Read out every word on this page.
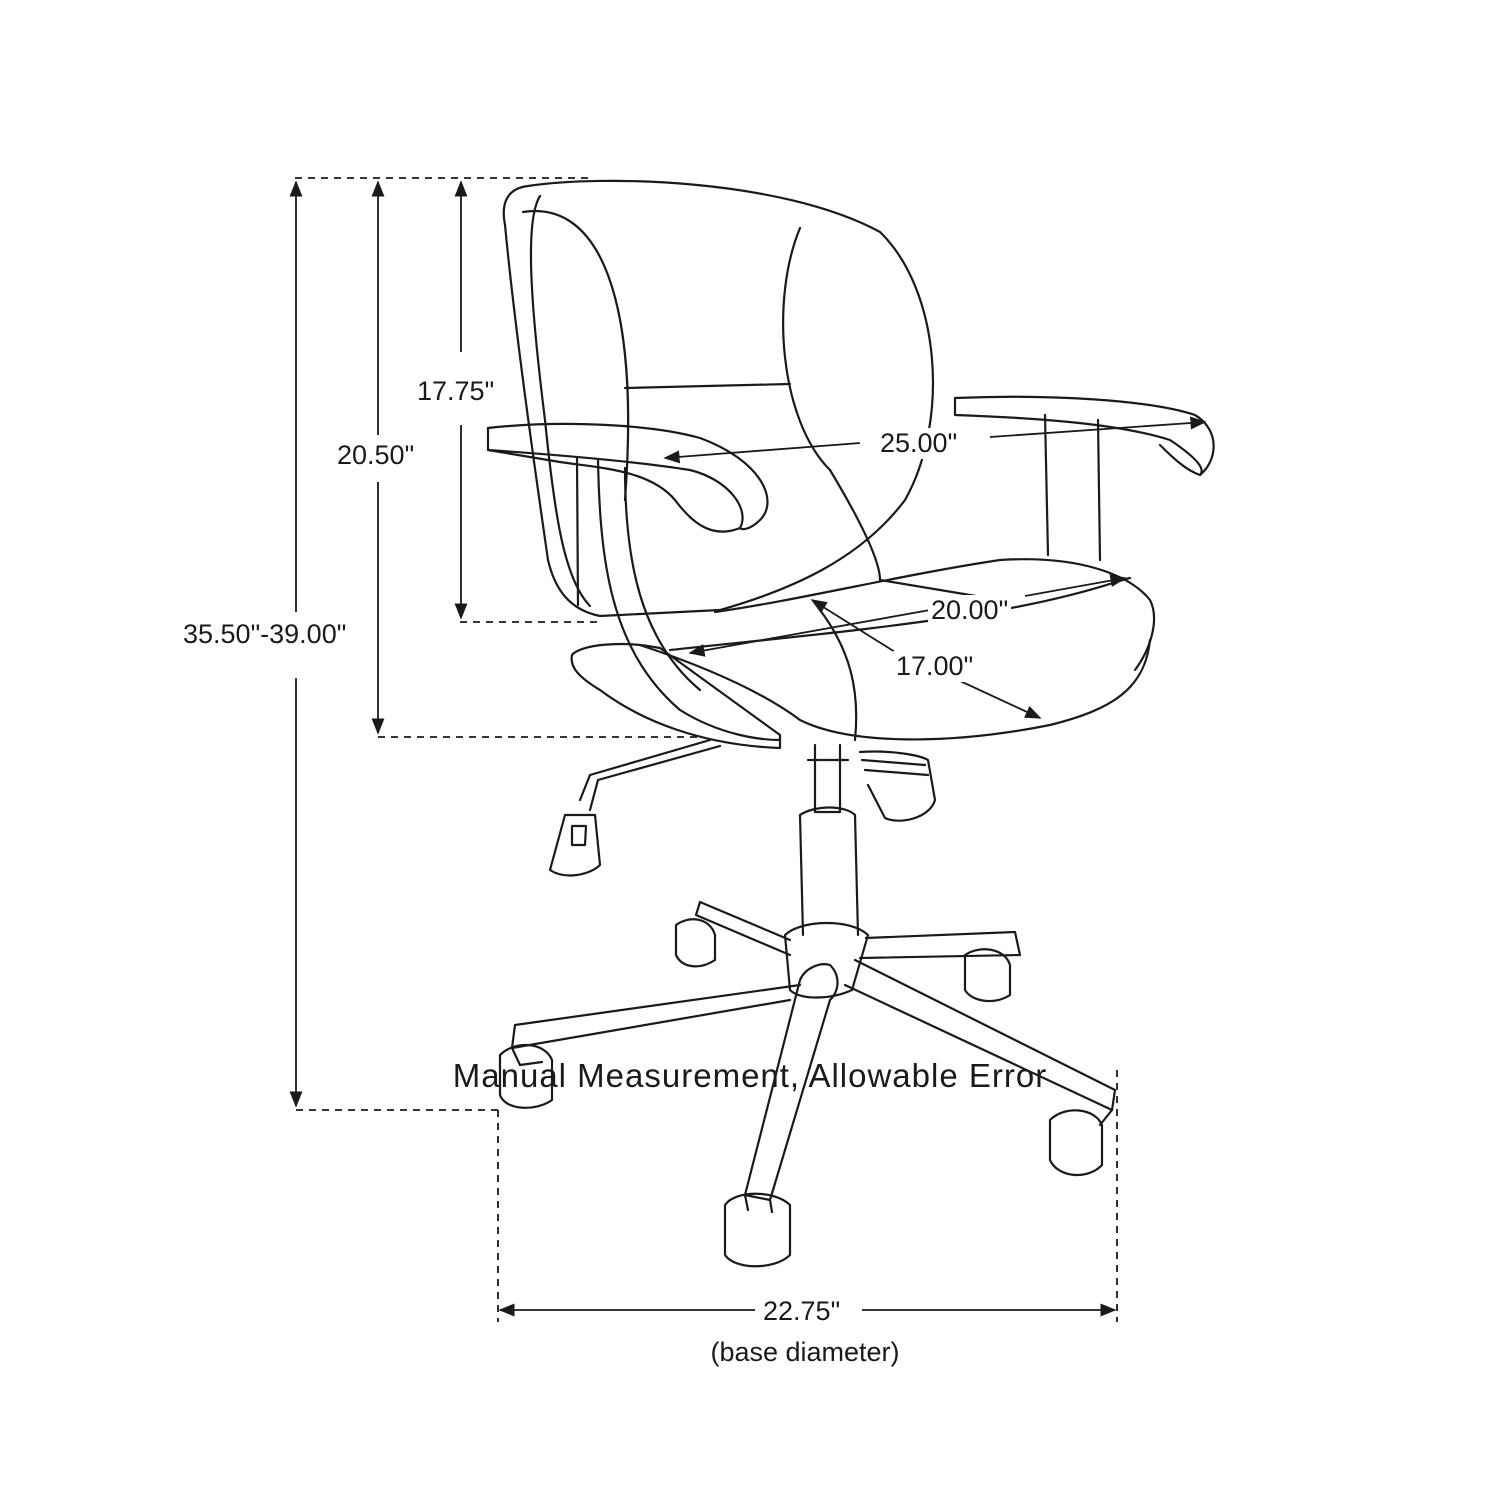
35.50"-39.00"
20.50"
17.75"
25.00"
20.00"
17.00"
22.75"
(base diameter)
Manual Measurement, Allowable Error
